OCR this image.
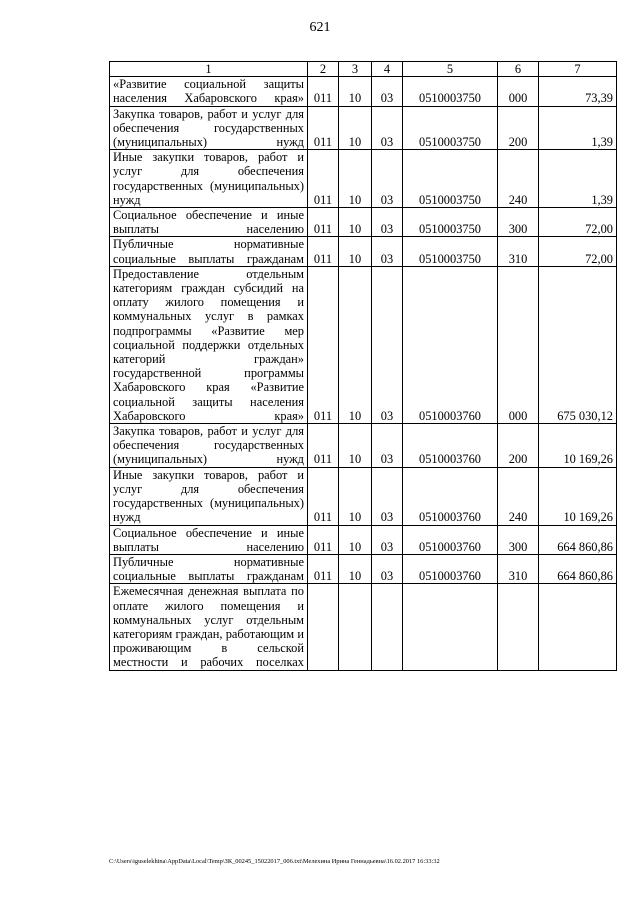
621
1	2	3	4	5	6	7
«Развитие социальной защиты населения Хабаровского края»	011	10	03	0510003750	000	73,39
Закупка товаров, работ и услуг для обеспечения государственных (муниципальных) нужд	011	10	03	0510003750	200	1,39
Иные закупки товаров, работ и услуг для обеспечения государственных (муниципальных) нужд	011	10	03	0510003750	240	1,39
Социальное обеспечение и иные выплаты населению	011	10	03	0510003750	300	72,00
Публичные нормативные социальные выплаты гражданам	011	10	03	0510003750	310	72,00
Предоставление отдельным категориям граждан субсидий на оплату жилого помещения и коммунальных услуг в рамках подпрограммы «Развитие мер социальной поддержки отдельных категорий граждан» государственной программы Хабаровского края «Развитие социальной защиты населения Хабаровского края»	011	10	03	0510003760	000	675 030,12
Закупка товаров, работ и услуг для обеспечения государственных (муниципальных) нужд	011	10	03	0510003760	200	10 169,26
Иные закупки товаров, работ и услуг для обеспечения государственных (муниципальных) нужд	011	10	03	0510003760	240	10 169,26
Социальное обеспечение и иные выплаты населению	011	10	03	0510003760	300	664 860,86
Публичные нормативные социальные выплаты гражданам	011	10	03	0510003760	310	664 860,86
Ежемесячная денежная выплата по оплате жилого помещения и коммунальных услуг отдельным категориям граждан, работающим и проживающим в сельской местности и рабочих поселках						
C:\Users\iguselekhina\AppData\Local\Temp\ЗК_00245_15022017_006.txt\Мелехина Ирина Геннадьевна\16.02.2017 16:33:32
